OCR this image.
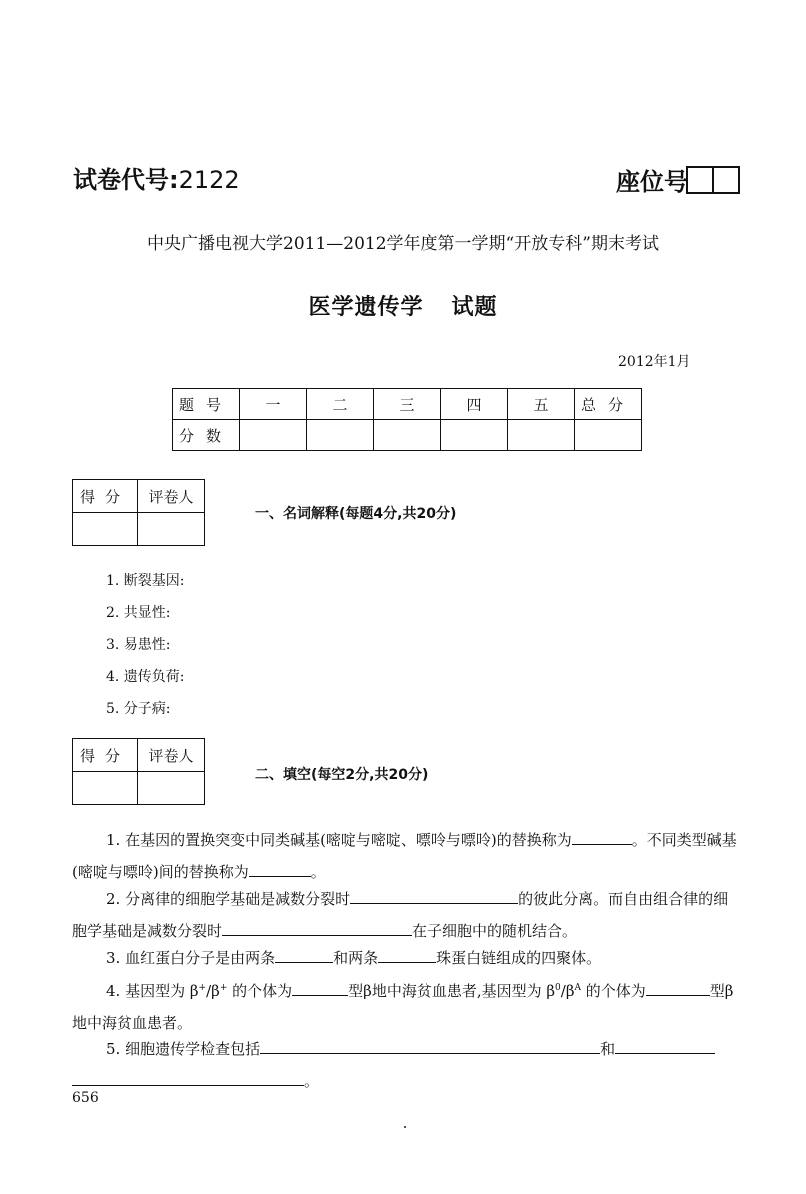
试卷代号:2122	座位号
中央广播电视大学2011—2012学年度第一学期“开放专科”期末考试
医学遗传学 试题
2012年1月
题号	一	二	三	四	五	总分
分数						
得分	评卷人

一、名词解释(每题4分,共20分)
1. 断裂基因:
2. 共显性:
3. 易患性:
4. 遗传负荷:
5. 分子病:
得分	评卷人

二、填空(每空2分,共20分)
1. 在基因的置换突变中同类碱基(嘧啶与嘧啶、嘌呤与嘌呤)的替换称为	。不同类型碱基(嘧啶与嘌呤)间的替换称为	。
2. 分离律的细胞学基础是减数分裂时	的彼此分离。而自由组合律的细胞学基础是减数分裂时	在子细胞中的随机结合。
3. 血红蛋白分子是由两条	和两条	珠蛋白链组成的四聚体。
4. 基因型为 β+/β+ 的个体为	型β地中海贫血患者,基因型为 $\beta^0/\beta^A$ 的个体为	型β地中海贫血患者。
5. 细胞遗传学检查包括	和。
656
